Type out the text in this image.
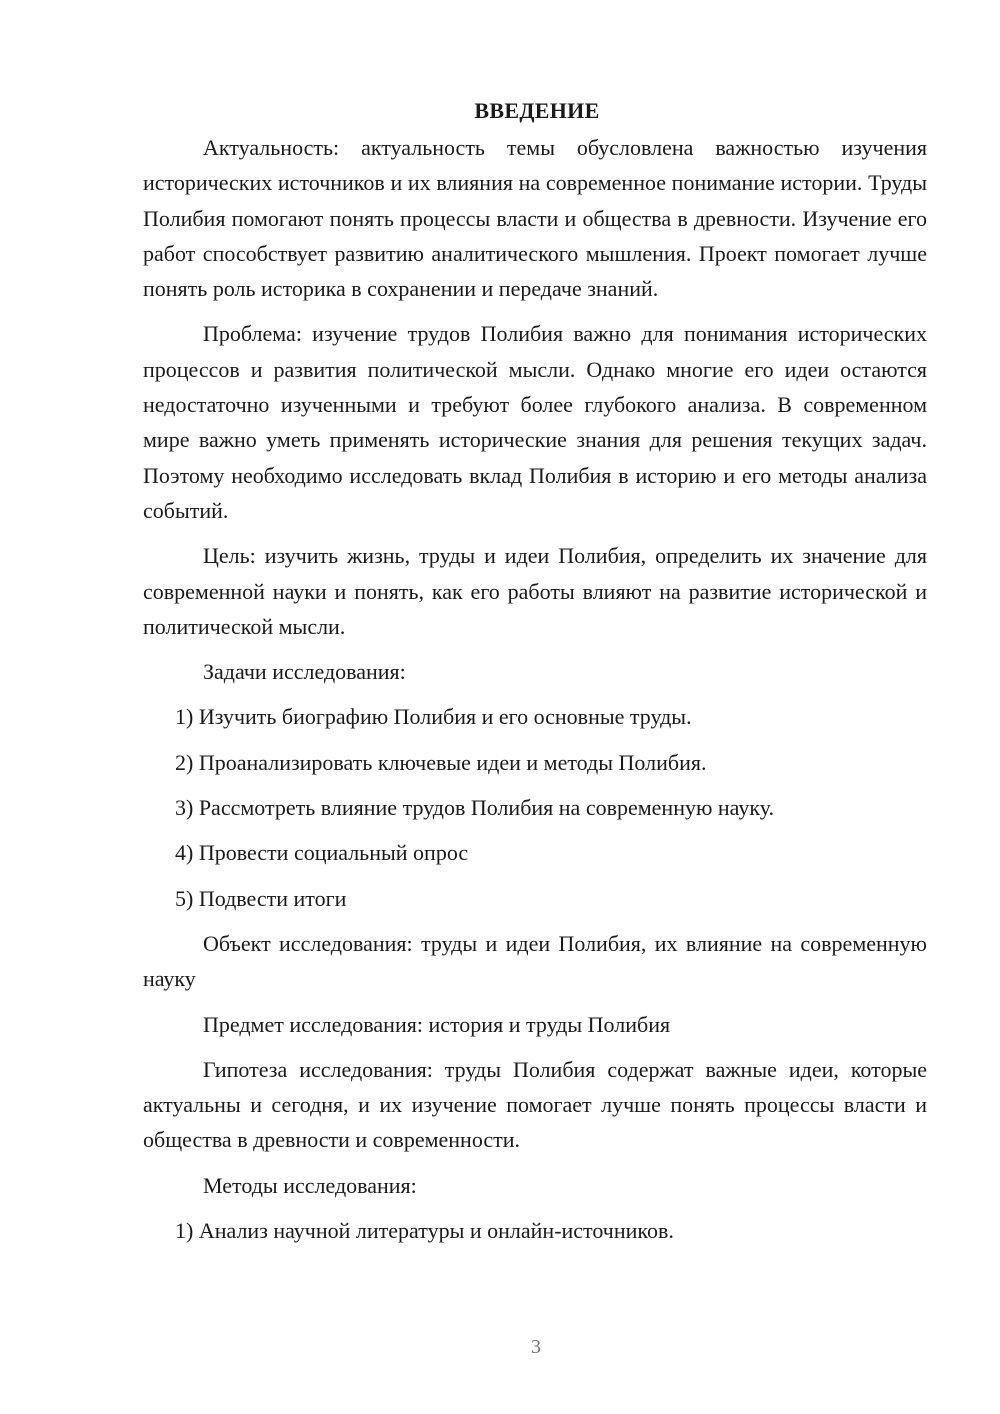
ВВЕДЕНИЕ

Актуальность: актуальность темы обусловлена важностью изучения исторических источников и их влияния на современное понимание истории. Труды Полибия помогают понять процессы власти и общества в древности. Изучение его работ способствует развитию аналитического мышления. Проект помогает лучше понять роль историка в сохранении и передаче знаний.

Проблема: изучение трудов Полибия важно для понимания исторических процессов и развития политической мысли. Однако многие его идеи остаются недостаточно изученными и требуют более глубокого анализа. В современном мире важно уметь применять исторические знания для решения текущих задач. Поэтому необходимо исследовать вклад Полибия в историю и его методы анализа событий.

Цель: изучить жизнь, труды и идеи Полибия, определить их значение для современной науки и понять, как его работы влияют на развитие исторической и политической мысли.

Задачи исследования:

1) Изучить биографию Полибия и его основные труды.

2) Проанализировать ключевые идеи и методы Полибия.

3) Рассмотреть влияние трудов Полибия на современную науку.

4) Провести социальный опрос

5) Подвести итоги

Объект исследования: труды и идеи Полибия, их влияние на современную науку

Предмет исследования: история и труды Полибия

Гипотеза исследования: труды Полибия содержат важные идеи, которые актуальны и сегодня, и их изучение помогает лучше понять процессы власти и общества в древности и современности.

Методы исследования:

1) Анализ научной литературы и онлайн-источников.

3
